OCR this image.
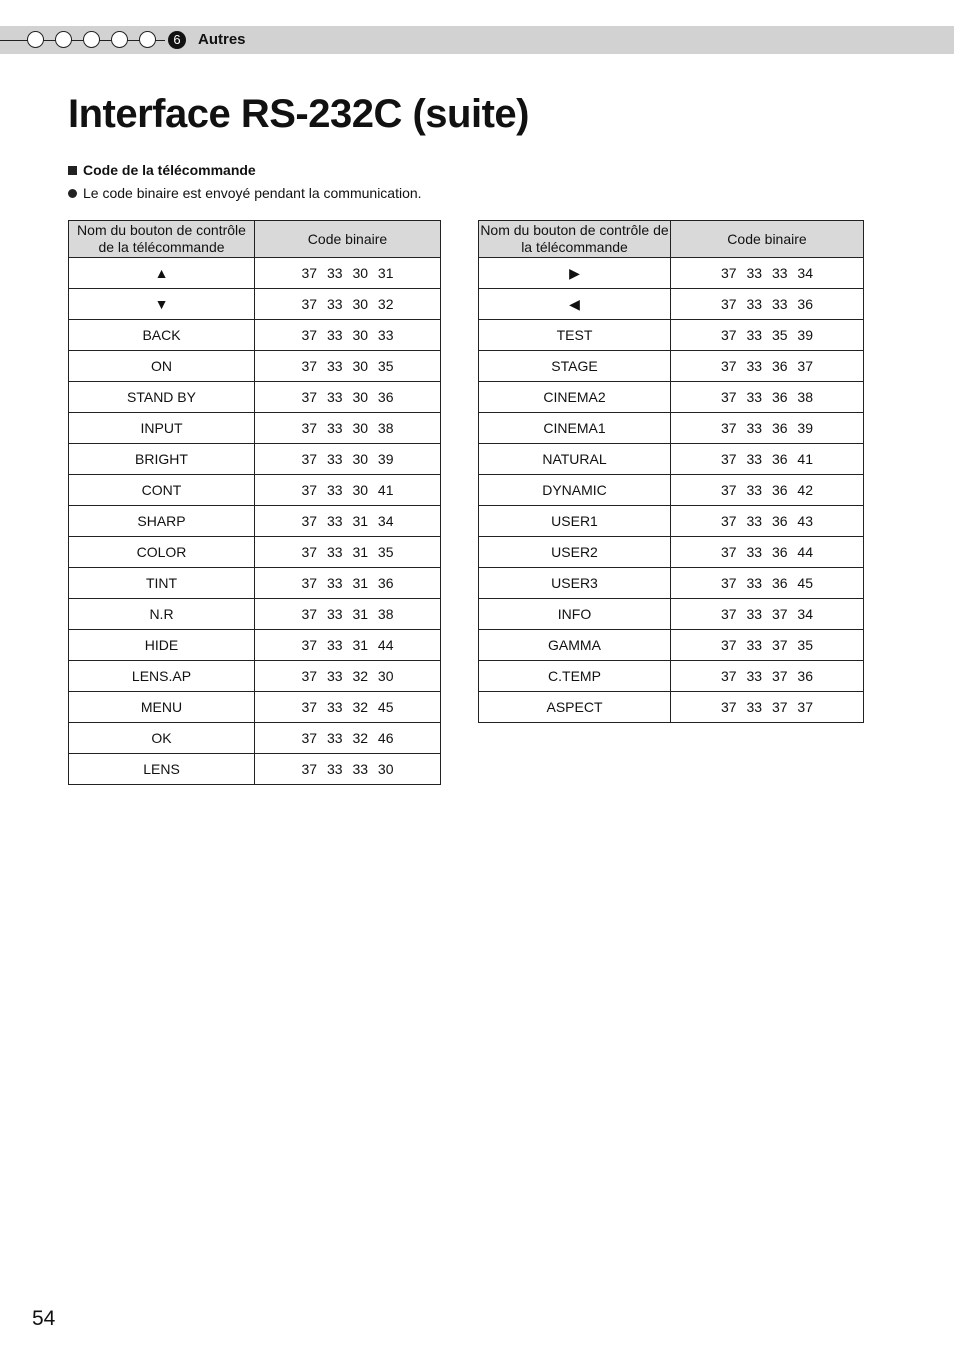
6	Autres
Interface RS-232C (suite)
Code de la télécommande
Le code binaire est envoyé pendant la communication.
Nom du bouton de contrôle de la télécommande	Code binaire
▲	37 33 30 31
▼	37 33 30 32
BACK	37 33 30 33
ON	37 33 30 35
STAND BY	37 33 30 36
INPUT	37 33 30 38
BRIGHT	37 33 30 39
CONT	37 33 30 41
SHARP	37 33 31 34
COLOR	37 33 31 35
TINT	37 33 31 36
N.R	37 33 31 38
HIDE	37 33 31 44
LENS.AP	37 33 32 30
MENU	37 33 32 45
OK	37 33 32 46
LENS	37 33 33 30
Nom du bouton de contrôle de la télécommande	Code binaire
▶	37 33 33 34
◀	37 33 33 36
TEST	37 33 35 39
STAGE	37 33 36 37
CINEMA2	37 33 36 38
CINEMA1	37 33 36 39
NATURAL	37 33 36 41
DYNAMIC	37 33 36 42
USER1	37 33 36 43
USER2	37 33 36 44
USER3	37 33 36 45
INFO	37 33 37 34
GAMMA	37 33 37 35
C.TEMP	37 33 37 36
ASPECT	37 33 37 37
54
